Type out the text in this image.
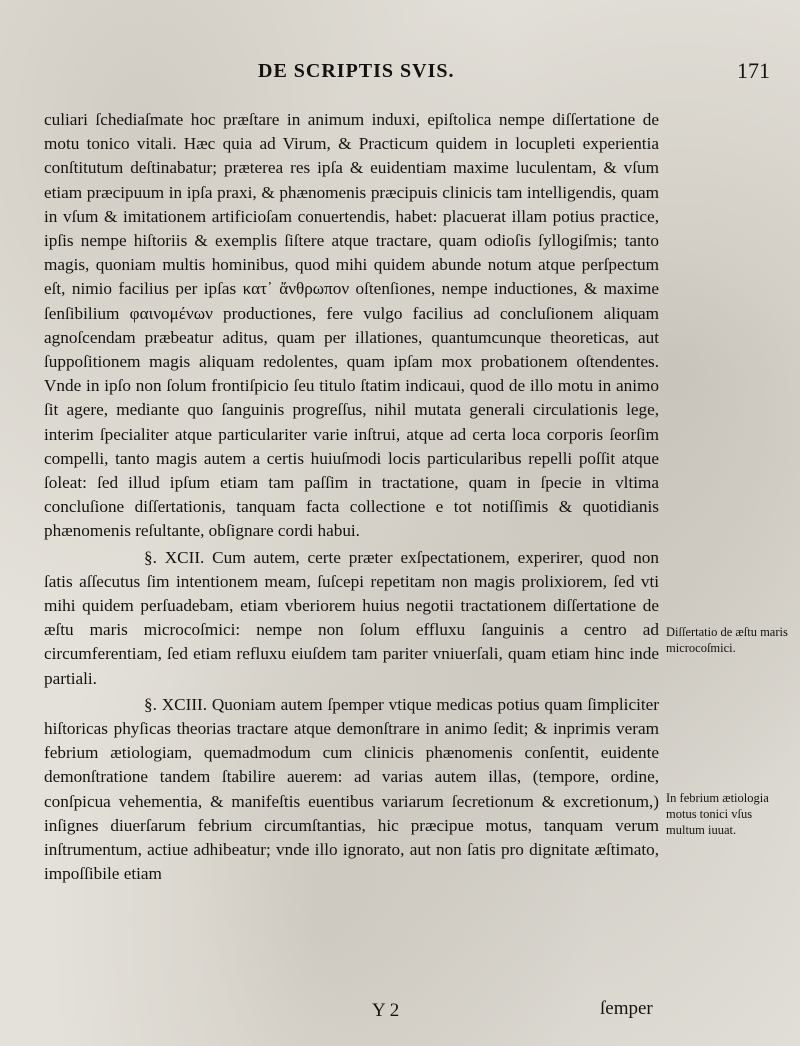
DE SCRIPTIS SVIS.	171

culiari ſchediaſmate hoc præſtare in animum induxi, epiſtolica nempe diſſertatione de motu tonico vitali. Hæc quia ad Virum, & Practicum quidem in locupleti experientia conſtitutum deſtinabatur; præterea res ipſa & euidentiam maxime luculentam, & vſum etiam præcipuum in ipſa praxi, & phænomenis præcipuis clinicis tam intelligendis, quam in vſum & imitationem artificioſam conuertendis, habet: placuerat illam potius practice, ipſis nempe hiſtoriis & exemplis ſiſtere atque tractare, quam odioſis ſyllogiſmis; tanto magis, quoniam multis hominibus, quod mihi quidem abunde notum atque perſpectum eſt, nimio facilius per ipſas κατ᾽ ἄνθρωπον oſtenſiones, nempe inductiones, & maxime ſenſibilium φαινομένων productiones, fere vulgo facilius ad concluſionem aliquam agnoſcendam præbeatur aditus, quam per illationes, quantumcunque theoreticas, aut ſuppoſitionem magis aliquam redolentes, quam ipſam mox probationem oſtendentes. Vnde in ipſo non ſolum frontiſpicio ſeu titulo ſtatim indicaui, quod de illo motu in animo ſit agere, mediante quo ſanguinis progreſſus, nihil mutata generali circulationis lege, interim ſpecialiter atque particulariter varie inſtrui, atque ad certa loca corporis ſeorſim compelli, tanto magis autem a certis huiuſmodi locis particularibus repelli poſſit atque ſoleat: ſed illud ipſum etiam tam paſſim in tractatione, quam in ſpecie in vltima concluſione diſſertationis, tanquam facta collectione e tot notiſſimis & quotidianis phænomenis reſultante, obſignare cordi habui.

§. XCII. Cum autem, certe præter exſpectationem, experirer, quod non ſatis aſſecutus ſim intentionem meam, ſuſcepi repetitam non magis prolixiorem, ſed vti mihi quidem perſuadebam, etiam vberiorem huius negotii tractationem diſſertatione de æſtu maris microcoſmici: nempe non ſolum effluxu ſanguinis a centro ad circumferentiam, ſed etiam refluxu eiuſdem tam pariter vniuerſali, quam etiam hinc inde partiali.

§. XCIII. Quoniam autem ſpemper vtique medicas potius quam ſimpliciter hiſtoricas phyſicas theorias tractare atque demonſtrare in animo ſedit; & inprimis veram febrium ætiologiam, quemadmodum cum clinicis phænomenis conſentit, euidente demonſtratione tandem ſtabilire auerem: ad varias autem illas, (tempore, ordine, conſpicua vehementia, & manifeſtis euentibus variarum ſecretionum & excretionum,) inſignes diuerſarum febrium circumſtantias, hic præcipue motus, tanquam verum inſtrumentum, actiue adhibeatur; vnde illo ignorato, aut non ſatis pro dignitate æſtimato, impoſſibile etiam

Diſſertatio de æſtu maris microcoſmici.
In febrium ætiologia motus tonici vſus multum iuuat.
Y 2	ſemper
